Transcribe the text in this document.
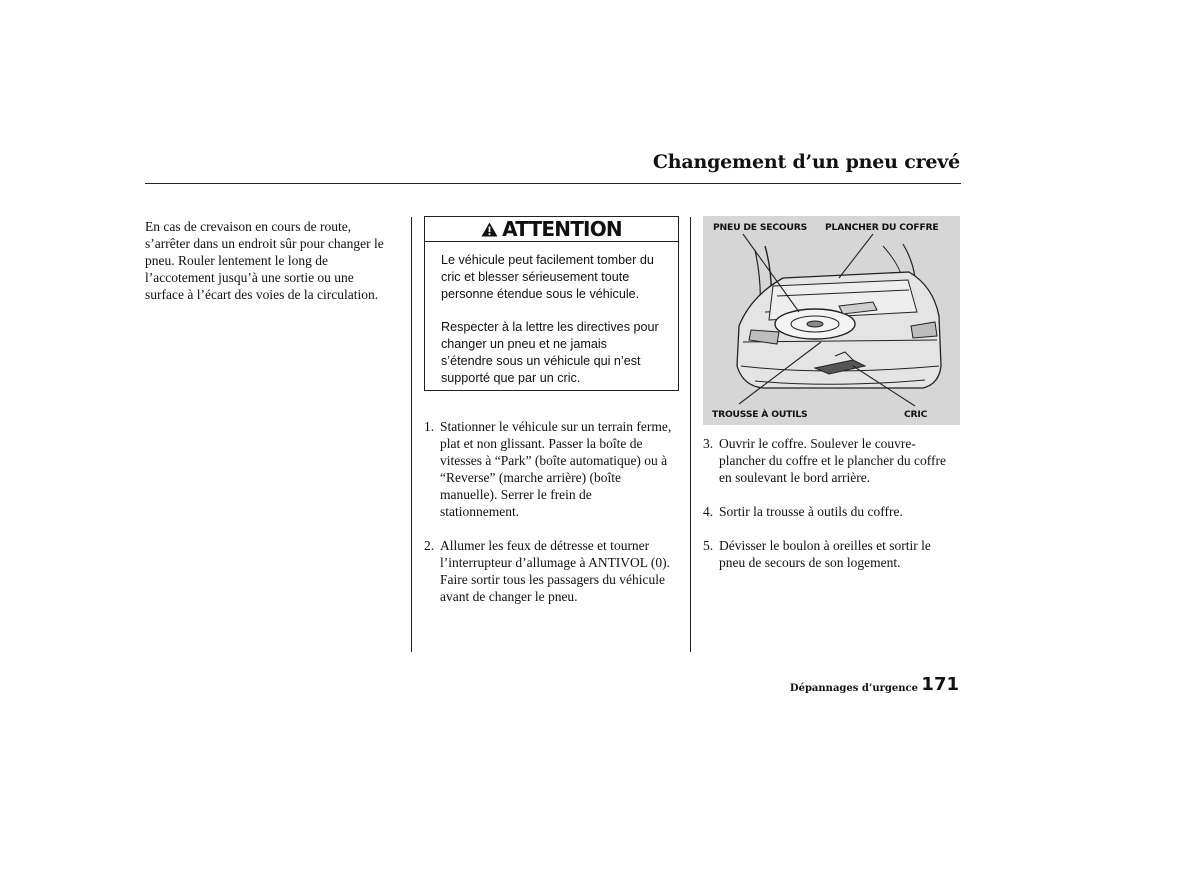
Changement d’un pneu crevé
En cas de crevaison en cours de route,
s’arrêter dans un endroit sûr pour changer le
pneu. Rouler lentement le long de
l’accotement jusqu’à une sortie ou une
surface à l’écart des voies de la circulation.
ATTENTION

Le véhicule peut facilement tomber du
cric et blesser sérieusement toute
personne étendue sous le véhicule.

Respecter à la lettre les directives pour
changer un pneu et ne jamais
s’étendre sous un véhicule qui n’est
supporté que par un cric.

1. Stationner le véhicule sur un terrain ferme,
plat et non glissant. Passer la boîte de
vitesses à “Park” (boîte automatique) ou à
“Reverse” (marche arrière) (boîte
manuelle). Serrer le frein de
stationnement.
2. Allumer les feux de détresse et tourner
l’interrupteur d’allumage à ANTIVOL (0).
Faire sortir tous les passagers du véhicule
avant de changer le pneu.
PNEU DE SECOURS PLANCHER DU COFFRE
TROUSSE À OUTILS	CRIC
3. Ouvrir le coffre. Soulever le couvre-
plancher du coffre et le plancher du coffre
en soulevant le bord arrière.
4. Sortir la trousse à outils du coffre.
5. Dévisser le boulon à oreilles et sortir le
pneu de secours de son logement.
Dépannages d’urgence 171
